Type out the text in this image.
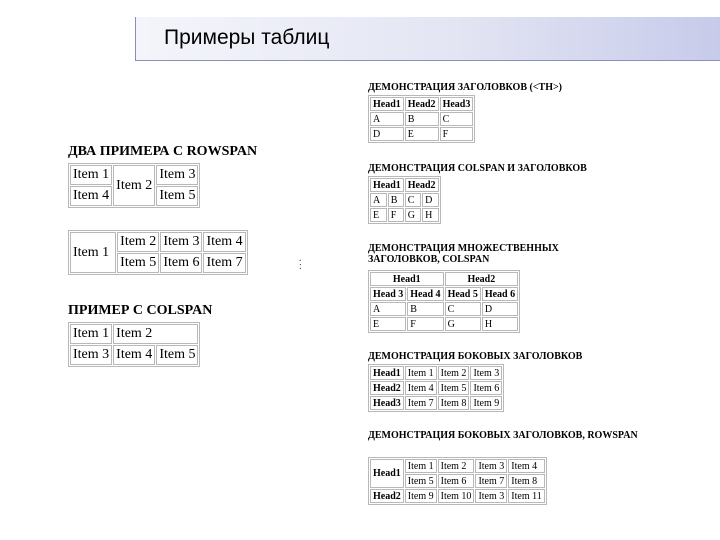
Примеры таблиц
.
:
ДВА ПРИМЕРА С ROWSPAN
Item 1	Item 2	Item 3
Item 4		Item 5
Item 1	Item 2	Item 3	Item 4
	Item 5	Item 6	Item 7
ПРИМЕР С COLSPAN
Item 1	Item 2	
Item 3	Item 4	Item 5
ДЕМОНСТРАЦИЯ ЗАГОЛОВКОВ (<TH>)
Head1	Head2	Head3
A	B	C
D	E	F
ДЕМОНСТРАЦИЯ COLSPAN И ЗАГОЛОВКОВ
Head1		Head2	
A	B	C	D
E	F	G	H
ДЕМОНСТРАЦИЯ МНОЖЕСТВЕННЫХ ЗАГОЛОВКОВ, COLSPAN
Head1		Head2	
Head 3	Head 4	Head 5	Head 6
A	B	C	D
E	F	G	H
ДЕМОНСТРАЦИЯ БОКОВЫХ ЗАГОЛОВКОВ
Head1	Item 1	Item 2	Item 3
Head2	Item 4	Item 5	Item 6
Head3	Item 7	Item 8	Item 9
ДЕМОНСТРАЦИЯ БОКОВЫХ ЗАГОЛОВКОВ, ROWSPAN
Head1	Item 1	Item 2	Item 3	Item 4
	Item 5	Item 6	Item 7	Item 8
Head2	Item 9	Item 10	Item 3	Item 11
